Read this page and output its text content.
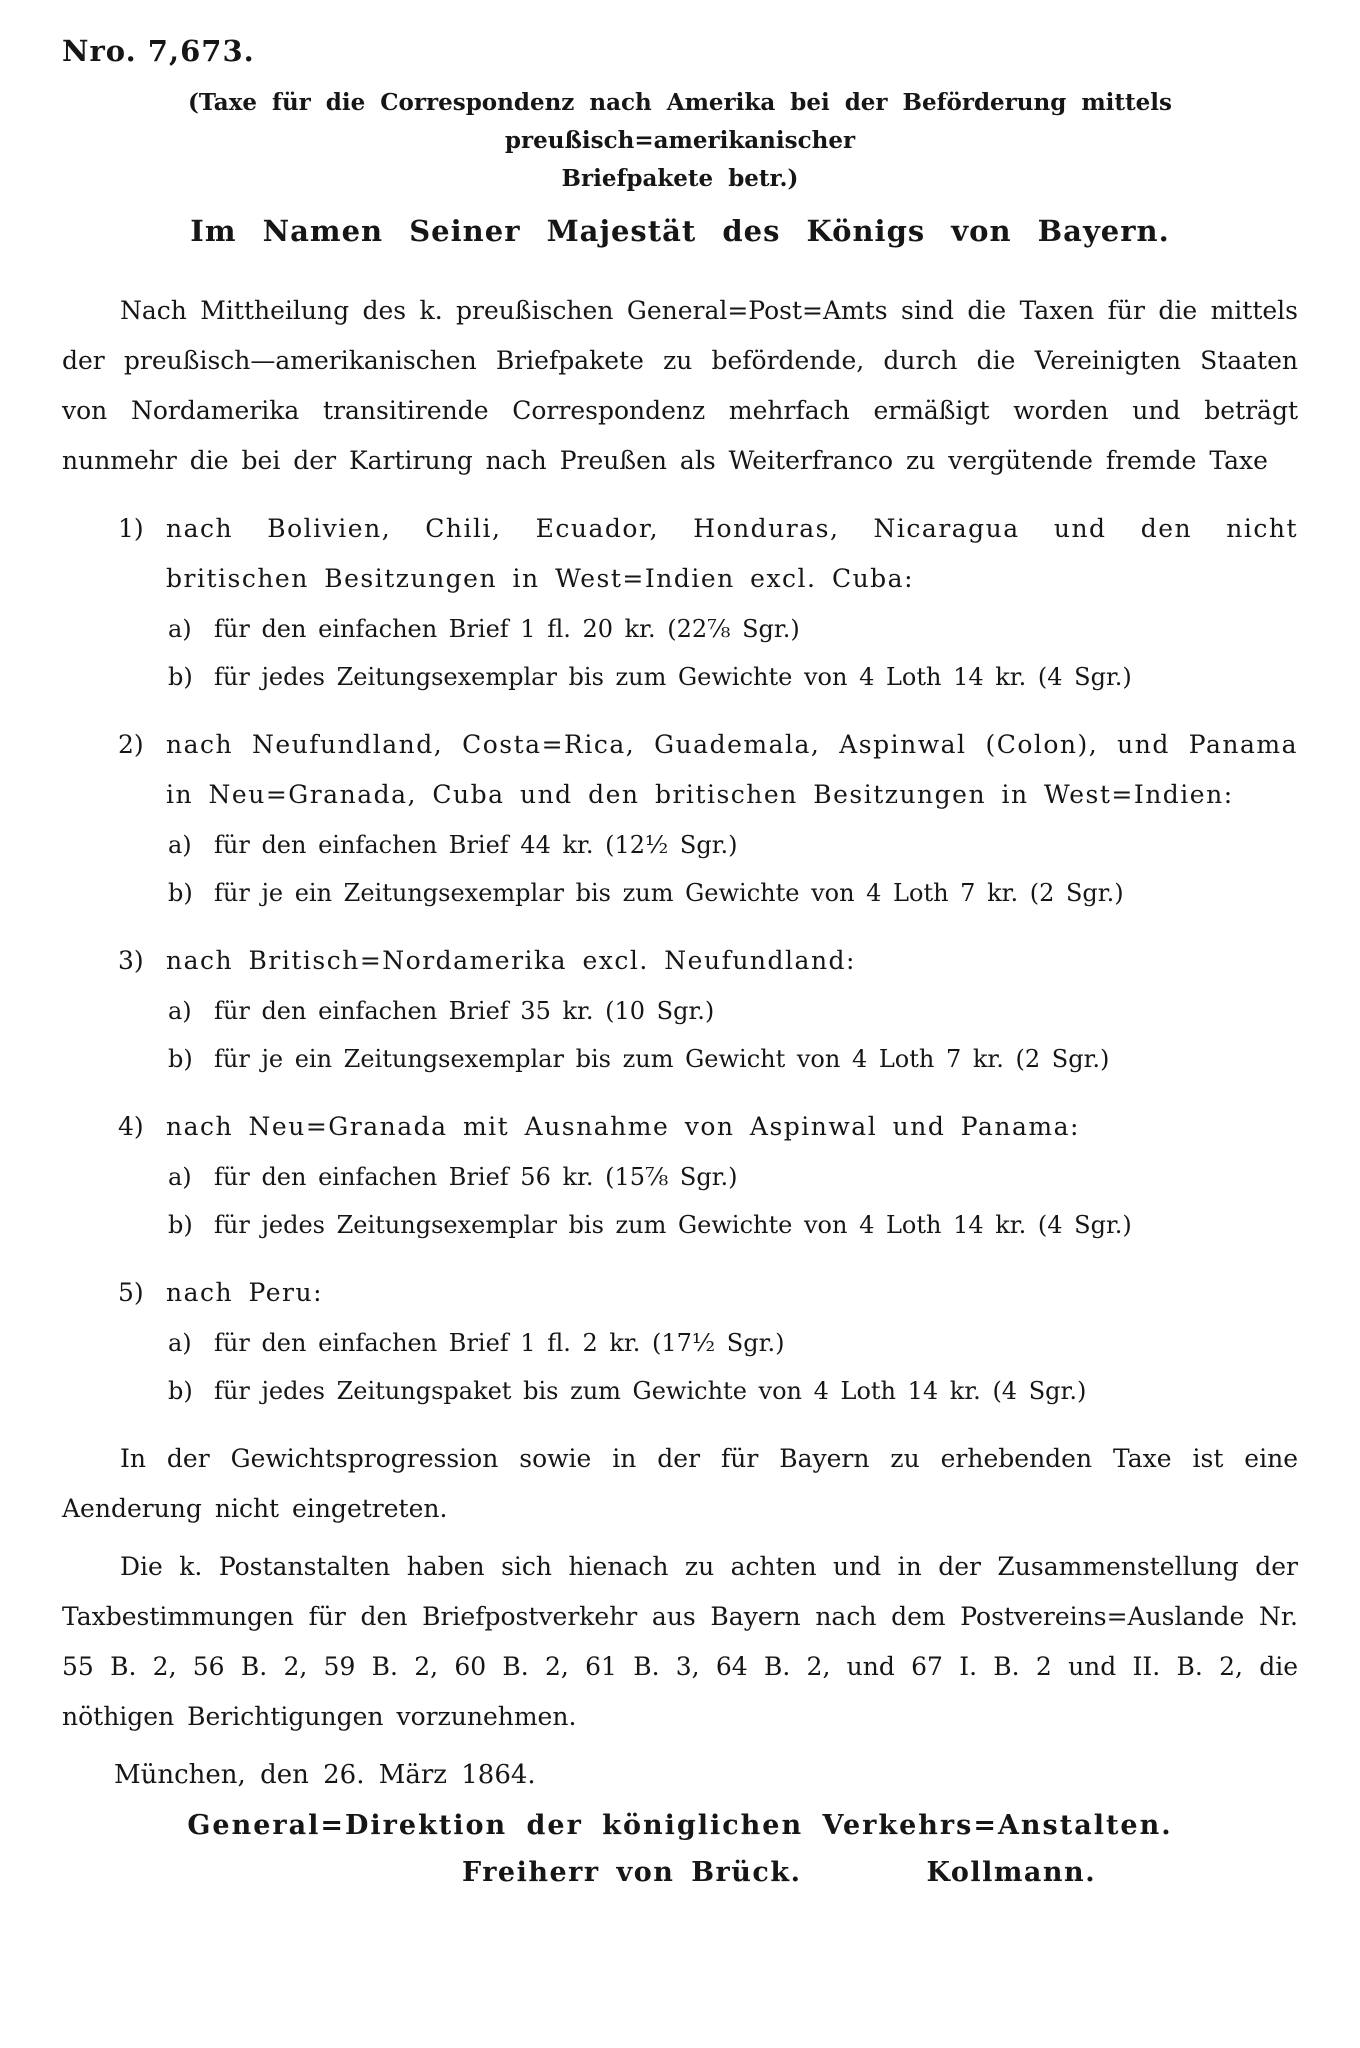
Nro. 7,673.
(Taxe für die Correspondenz nach Amerika bei der Beförderung mittels preußisch=amerikanischer
Briefpakete betr.)
Im Namen Seiner Majestät des Königs von Bayern.

Nach Mittheilung des k. preußischen General=Post=Amts sind die Taxen für die mittels der preußisch—amerikanischen Briefpakete zu befördende, durch die Vereinigten Staaten von Nordamerika transitirende Correspondenz mehrfach ermäßigt worden und beträgt nunmehr die bei der Kartirung nach Preußen als Weiterfranco zu vergütende fremde Taxe

1) nach Bolivien, Chili, Ecuador, Honduras, Nicaragua und den nicht britischen Besitzungen in West=Indien excl. Cuba:
a) für den einfachen Brief 1 fl. 20 kr. (22⅞ Sgr.)
b) für jedes Zeitungsexemplar bis zum Gewichte von 4 Loth 14 kr. (4 Sgr.)
2) nach Neufundland, Costa=Rica, Guademala, Aspinwal (Colon), und Panama in Neu=Granada, Cuba und den britischen Besitzungen in West=Indien:
a) für den einfachen Brief 44 kr. (12½ Sgr.)
b) für je ein Zeitungsexemplar bis zum Gewichte von 4 Loth 7 kr. (2 Sgr.)
3) nach Britisch=Nordamerika excl. Neufundland:
a) für den einfachen Brief 35 kr. (10 Sgr.)
b) für je ein Zeitungsexemplar bis zum Gewicht von 4 Loth 7 kr. (2 Sgr.)
4) nach Neu=Granada mit Ausnahme von Aspinwal und Panama:
a) für den einfachen Brief 56 kr. (15⅞ Sgr.)
b) für jedes Zeitungsexemplar bis zum Gewichte von 4 Loth 14 kr. (4 Sgr.)
5) nach Peru:
a) für den einfachen Brief 1 fl. 2 kr. (17½ Sgr.)
b) für jedes Zeitungspaket bis zum Gewichte von 4 Loth 14 kr. (4 Sgr.)

In der Gewichtsprogression sowie in der für Bayern zu erhebenden Taxe ist eine Aenderung nicht eingetreten.

Die k. Postanstalten haben sich hienach zu achten und in der Zusammenstellung der Taxbestimmungen für den Briefpostverkehr aus Bayern nach dem Postvereins=Auslande Nr. 55 B. 2, 56 B. 2, 59 B. 2, 60 B. 2, 61 B. 3, 64 B. 2, und 67 I. B. 2 und II. B. 2, die nöthigen Berichtigungen vorzunehmen.

München, den 26. März 1864.
General=Direktion der königlichen Verkehrs=Anstalten.
Freiherr von Brück.	Kollmann.
